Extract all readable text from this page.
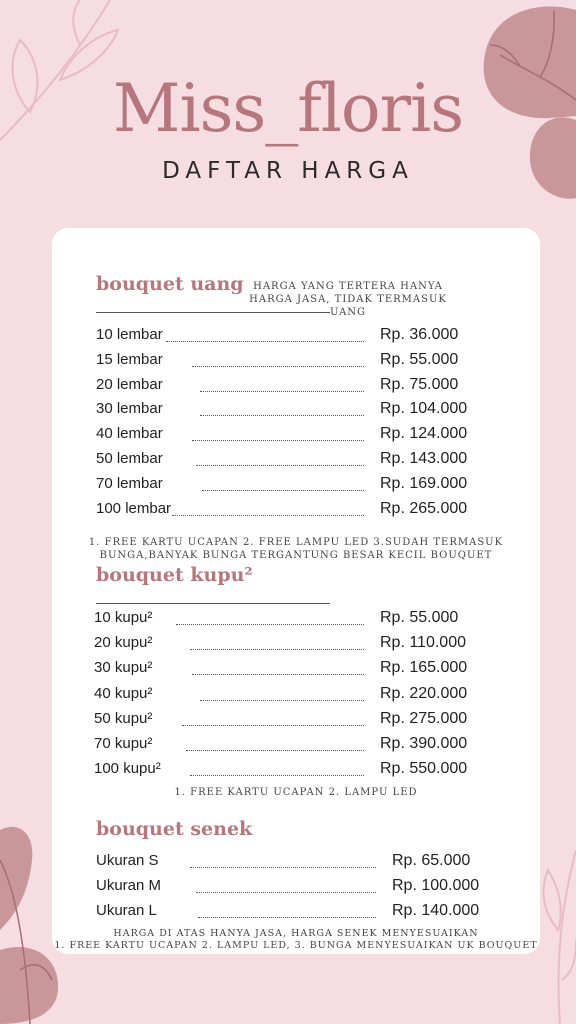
Miss_floris
DAFTAR HARGA
bouquet uang HARGA YANG TERTERA HANYA
HARGA JASA, TIDAK TERMASUK UANG
10 lembar	Rp. 36.000
15 lembar	Rp. 55.000
20 lembar	Rp. 75.000
30 lembar	Rp. 104.000
40 lembar	Rp. 124.000
50 lembar	Rp. 143.000
70 lembar	Rp. 169.000
100 lembar	Rp. 265.000
1. FREE KARTU UCAPAN 2. FREE LAMPU LED 3.SUDAH TERMASUK
BUNGA,BANYAK BUNGA TERGANTUNG BESAR KECIL BOUQUET
bouquet kupu²
10 kupu²	Rp. 55.000
20 kupu²	Rp. 110.000
30 kupu²	Rp. 165.000
40 kupu²	Rp. 220.000
50 kupu²	Rp. 275.000
70 kupu²	Rp. 390.000
100 kupu²	Rp. 550.000
1. FREE KARTU UCAPAN 2. LAMPU LED
bouquet senek
Ukuran S	Rp. 65.000
Ukuran M	Rp. 100.000
Ukuran L	Rp. 140.000
HARGA DI ATAS HANYA JASA, HARGA SENEK MENYESUAIKAN
1. FREE KARTU UCAPAN 2. LAMPU LED, 3. BUNGA MENYESUAIKAN UK BOUQUET
